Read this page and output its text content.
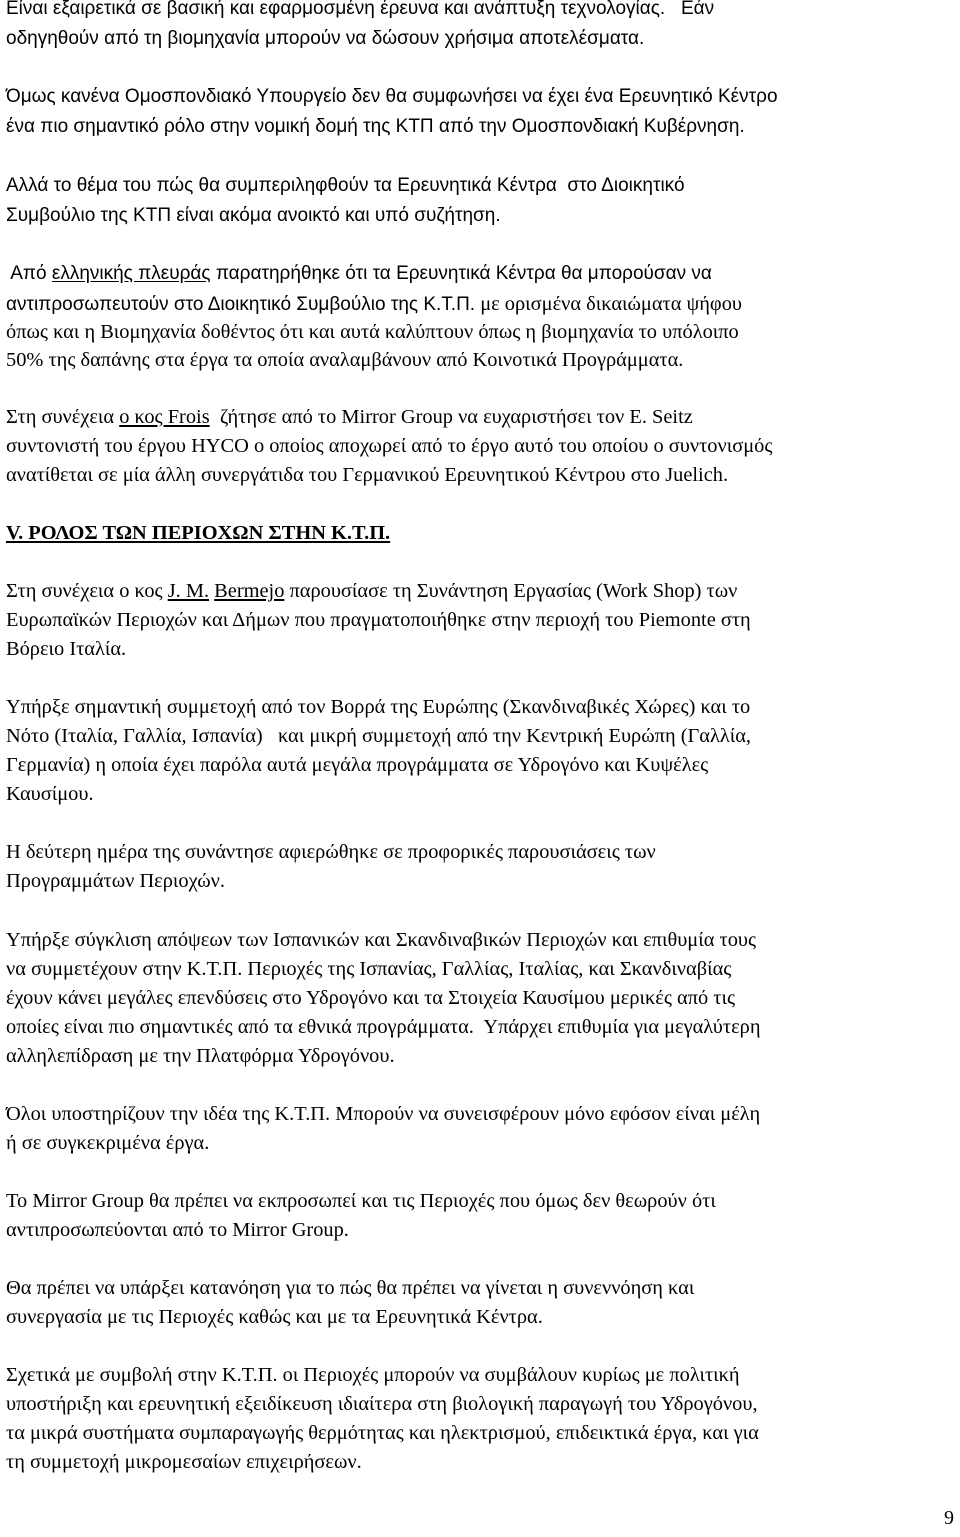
Είναι εξαιρετικά σε βασική και εφαρμοσμένη έρευνα και ανάπτυξη τεχνολογίας.   Εάν

οδηγηθούν από τη βιομηχανία μπορούν να δώσουν χρήσιμα αποτελέσματα.

Όμως κανένα Ομοσπονδιακό Υπουργείο δεν θα συμφωνήσει να έχει ένα Ερευνητικό Κέντρο

ένα πιο σημαντικό ρόλο στην νομική δομή της ΚΤΠ από την Ομοσπονδιακή Κυβέρνηση.

Αλλά το θέμα του πώς θα συμπεριληφθούν τα Ερευνητικά Κέντρα  στο Διοικητικό

Συμβούλιο της ΚΤΠ είναι ακόμα ανοικτό και υπό συζήτηση.

Από ελληνικής πλευράς παρατηρήθηκε ότι τα Ερευνητικά Κέντρα θα μπορούσαν να

αντιπροσωπευτούν στο Διοικητικό Συμβούλιο της Κ.Τ.Π. με ορισμένα δικαιώματα ψήφου

όπως και η Βιομηχανία δοθέντος ότι και αυτά καλύπτουν όπως η βιομηχανία το υπόλοιπο

50% της δαπάνης στα έργα τα οποία αναλαμβάνουν από Κοινοτικά Προγράμματα.

Στη συνέχεια ο κος Frois  ζήτησε από το Mirror Group να ευχαριστήσει τον E. Seitz

συντονιστή του έργου HYCO ο οποίος αποχωρεί από το έργο αυτό του οποίου ο συντονισμός

ανατίθεται σε μία άλλη συνεργάτιδα του Γερμανικού Ερευνητικού Κέντρου στο Juelich.

V. ΡΟΛΟΣ ΤΩΝ ΠΕΡΙΟΧΩΝ ΣΤΗΝ Κ.Τ.Π.

Στη συνέχεια ο κος J. M. Bermejo παρουσίασε τη Συνάντηση Εργασίας (Work Shop) των

Ευρωπαϊκών Περιοχών και Δήμων που πραγματοποιήθηκε στην περιοχή του Piemonte στη

Βόρειο Ιταλία.

Υπήρξε σημαντική συμμετοχή από τον Βορρά της Ευρώπης (Σκανδιναβικές Χώρες) και το

Νότο (Ιταλία, Γαλλία, Ισπανία)   και μικρή συμμετοχή από την Κεντρική Ευρώπη (Γαλλία,

Γερμανία) η οποία έχει παρόλα αυτά μεγάλα προγράμματα σε Υδρογόνο και Κυψέλες

Καυσίμου.

Η δεύτερη ημέρα της συνάντησε αφιερώθηκε σε προφορικές παρουσιάσεις των

Προγραμμάτων Περιοχών.

Υπήρξε σύγκλιση απόψεων των Ισπανικών και Σκανδιναβικών Περιοχών και επιθυμία τους

να συμμετέχουν στην Κ.Τ.Π. Περιοχές της Ισπανίας, Γαλλίας, Ιταλίας, και Σκανδιναβίας

έχουν κάνει μεγάλες επενδύσεις στο Υδρογόνο και τα Στοιχεία Καυσίμου μερικές από τις

οποίες είναι πιο σημαντικές από τα εθνικά προγράμματα.  Υπάρχει επιθυμία για μεγαλύτερη

αλληλεπίδραση με την Πλατφόρμα Υδρογόνου.

Όλοι υποστηρίζουν την ιδέα της Κ.Τ.Π. Μπορούν να συνεισφέρουν μόνο εφόσον είναι μέλη

ή σε συγκεκριμένα έργα.

Το Mirror Group θα πρέπει να εκπροσωπεί και τις Περιοχές που όμως δεν θεωρούν ότι

αντιπροσωπεύονται από το Mirror Group.

Θα πρέπει να υπάρξει κατανόηση για το πώς θα πρέπει να γίνεται η συνεννόηση και

συνεργασία με τις Περιοχές καθώς και με τα Ερευνητικά Κέντρα.

Σχετικά με συμβολή στην Κ.Τ.Π. οι Περιοχές μπορούν να συμβάλουν κυρίως με πολιτική

υποστήριξη και ερευνητική εξειδίκευση ιδιαίτερα στη βιολογική παραγωγή του Υδρογόνου,

τα μικρά συστήματα συμπαραγωγής θερμότητας και ηλεκτρισμού, επιδεικτικά έργα, και για

τη συμμετοχή μικρομεσαίων επιχειρήσεων.

9
